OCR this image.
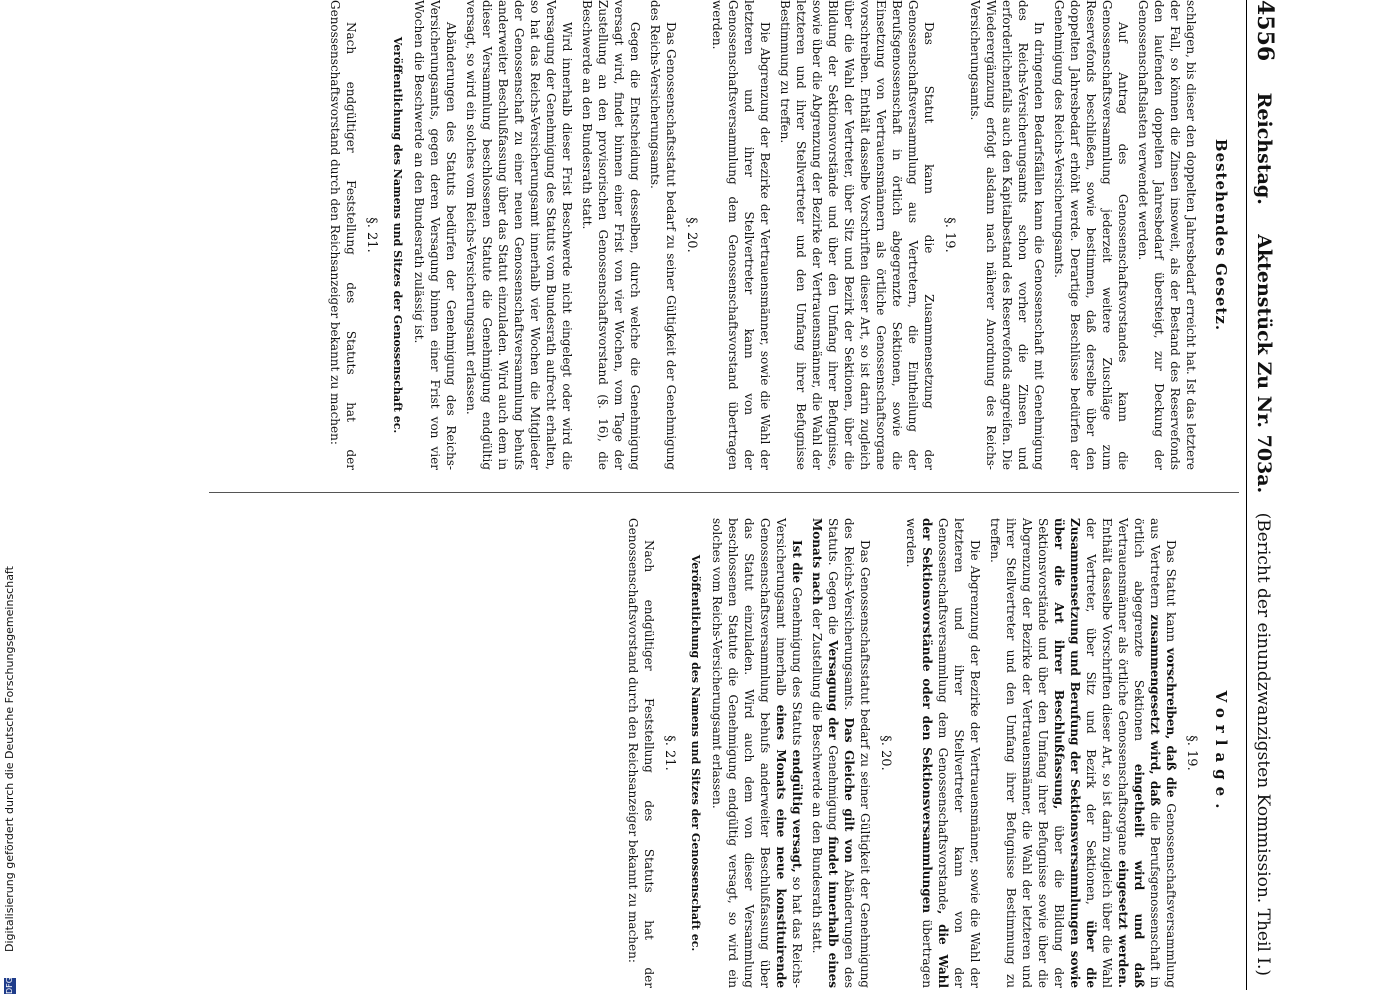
DFGDigitalisierung gefördert durch die Deutsche Forschungsgemeinschaft
4556 Reichstag. Aktenstück Zu Nr. 703a. (Bericht der einundzwanzigsten Kommission. Theil I.)
Bestehendes Gesetz.

schlagen, bis dieser den doppelten Jahresbedarf erreicht hat. Ist das letztere der Fall, so können die Zinsen insoweit, als der Bestand des Reservefonds den laufenden doppelten Jahresbedarf übersteigt, zur Deckung der Genossenschaftslasten verwendet werden.

Auf Antrag des Genossenschaftsvorstandes kann die Genossenschaftsversammlung jederzeit weitere Zuschläge zum Reservefonds beschließen, sowie bestimmen, daß derselbe über den doppelten Jahresbedarf erhöht werde. Derartige Beschlüsse bedürfen der Genehmigung des Reichs-Versicherungsamts.

In dringenden Bedarfsfällen kann die Genossenschaft mit Genehmigung des Reichs-Versicherungsamts schon vorher die Zinsen und erforderlichenfalls auch den Kapitalbestand des Reservefonds angreifen. Die Wiederergänzung erfolgt alsdann nach näherer Anordnung des Reichs-Versicherungsamts.

§. 19.

Das Statut kann die Zusammensetzung der Genossenschaftsversammlung aus Vertretern, die Eintheilung der Berufsgenossenschaft in örtlich abgegrenzte Sektionen, sowie die Einsetzung von Vertrauensmännern als örtliche Genossenschaftsorgane vorschreiben. Enthält dasselbe Vorschriften dieser Art, so ist darin zugleich über die Wahl der Vertreter, über Sitz und Bezirk der Sektionen, über die Bildung der Sektionsvorstände und über den Umfang ihrer Befugnisse, sowie über die Abgrenzung der Bezirke der Vertrauensmänner, die Wahl der letzteren und ihrer Stellvertreter und den Umfang ihrer Befugnisse Bestimmung zu treffen.

Die Abgrenzung der Bezirke der Vertrauensmänner, sowie die Wahl der letzteren und ihrer Stellvertreter kann von der Genossenschaftsversammlung dem Genossenschaftsvorstand übertragen werden.

§. 20.

Das Genossenschaftsstatut bedarf zu seiner Gültigkeit der Genehmigung des Reichs-Versicherungsamts.

Gegen die Entscheidung desselben, durch welche die Genehmigung versagt wird, findet binnen einer Frist von vier Wochen, vom Tage der Zustellung an den provisorischen Genossenschaftsvorstand (§. 16), die Beschwerde an den Bundesrath statt.

Wird innerhalb dieser Frist Beschwerde nicht eingelegt oder wird die Versagung der Genehmigung des Statuts vom Bundesrath aufrecht erhalten, so hat das Reichs-Versicherungsamt innerhalb vier Wochen die Mitglieder der Genossenschaft zu einer neuen Genossenschaftsversammlung behufs anderweiter Beschlußfassung über das Statut einzuladen. Wird auch dem in dieser Versammlung beschlossenen Statute die Genehmigung endgültig versagt, so wird ein solches vom Reichs-Versicherungsamt erlassen.

Abänderungen des Statuts bedürfen der Genehmigung des Reichs-Versicherungsamts, gegen deren Versagung binnen einer Frist von vier Wochen die Beschwerde an den Bundesrath zulässig ist.

Veröffentlichung des Namens und Sitzes der Genossenschaft ec.
§. 21.

Nach endgültiger Feststellung des Statuts hat der Genossenschaftsvorstand durch den Reichsanzeiger bekannt zu machen:

Vorlage.
§. 19.

Das Statut kann vorschreiben, daß die Genossenschaftsversammlung aus Vertretern zusammengesetzt wird, daß die Berufsgenossenschaft in örtlich abgegrenzte Sektionen eingetheilt wird und daß Vertrauensmänner als örtliche Genossenschaftsorgane eingesetzt werden. Enthält dasselbe Vorschriften dieser Art, so ist darin zugleich über die Wahl der Vertreter, über Sitz und Bezirk der Sektionen, über die Zusammensetzung und Berufung der Sektionsversammlungen sowie über die Art ihrer Beschlußfassung, über die Bildung der Sektionsvorstände und über den Umfang ihrer Befugnisse sowie über die Abgrenzung der Bezirke der Vertrauensmänner, die Wahl der letzteren und ihrer Stellvertreter und den Umfang ihrer Befugnisse Bestimmung zu treffen.

Die Abgrenzung der Bezirke der Vertrauensmänner, sowie die Wahl der letzteren und ihrer Stellvertreter kann von der Genossenschaftsversammlung dem Genossenschaftsvorstande, die Wahl der Sektionsvorstände oder den Sektionsversammlungen übertragen werden.

§. 20.

Das Genossenschaftsstatut bedarf zu seiner Gültigkeit der Genehmigung des Reichs-Versicherungsamts. Das Gleiche gilt von Abänderungen des Statuts. Gegen die Versagung der Genehmigung findet innerhalb eines Monats nach der Zustellung die Beschwerde an den Bundesrath statt.

Ist die Genehmigung des Statuts endgültig versagt, so hat das Reichs-Versicherungsamt innerhalb eines Monats eine neue konstituirende Genossenschaftsversammlung behufs anderweiter Beschlußfassung über das Statut einzuladen. Wird auch dem von dieser Versammlung beschlossenen Statute die Genehmigung endgültig versagt, so wird ein solches vom Reichs-Versicherungsamt erlassen.

Veröffentlichung des Namens und Sitzes der Genossenschaft ec.
§. 21.

Nach endgültiger Feststellung des Statuts hat der Genossenschaftsvorstand durch den Reichsanzeiger bekannt zu machen:
